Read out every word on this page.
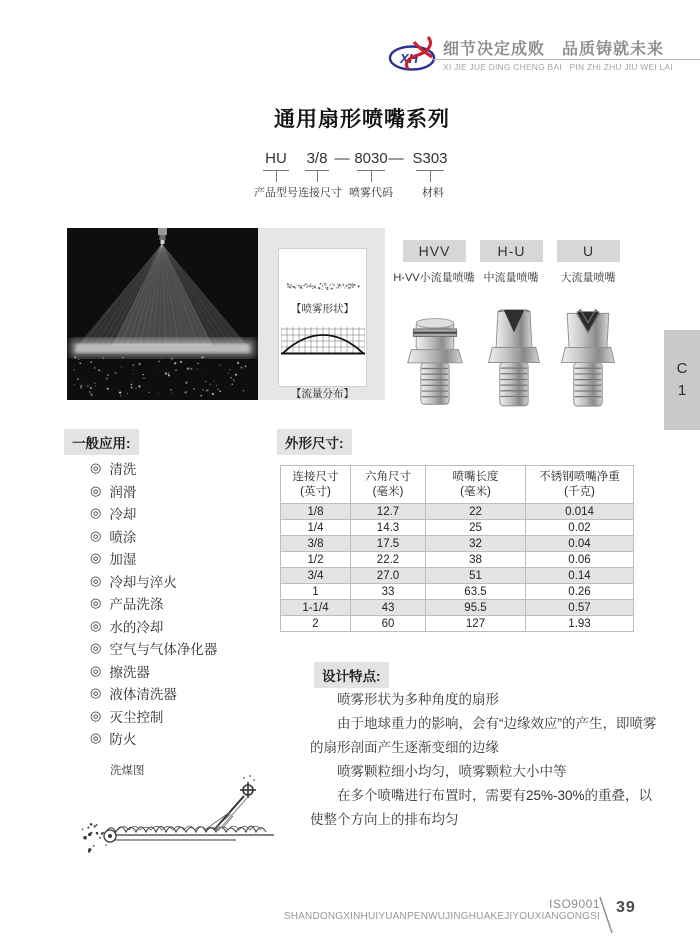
XH
细节决定成败　品质铸就未来
XI JIE JUE DING CHENG BAI   PIN ZHI ZHU JIU WEI LAI
通用扇形喷嘴系列
HU 3/8 — 8030 — S303
产品型号 连接尺寸 喷雾代码	材料
【喷雾形状】
【流量分布】
HVV	H-U	U
H-VV小流量喷嘴 中流量喷嘴 大流量喷嘴
C
1
一般应用:
◎ 清洗
◎ 润滑
◎ 冷却
◎ 喷涂
◎ 加湿
◎ 冷却与淬火
◎ 产品洗涤
◎ 水的冷却
◎ 空气与气体净化器
◎ 擦洗器
◎ 液体清洗器
◎ 灭尘控制
◎ 防火
外形尺寸:
连接尺寸
(英寸)

六角尺寸
(毫米)

喷嘴长度
(毫米)

不锈钢喷嘴净重
(千克)

1/8	12.7	22	0.014
1/4	14.3	25	0.02
3/8	17.5	32	0.04
1/2	22.2	38	0.06
3/4	27.0	51	0.14
1	33	63.5	0.26
1-1/4	43	95.5	0.57
2	60	127	1.93
设计特点:

喷雾形状为多种角度的扇形

由于地球重力的影响，会有“边缘效应”的产生，即喷雾的扇形剖面产生逐渐变细的边缘

喷雾颗粒细小均匀，喷雾颗粒大小中等

在多个喷嘴进行布置时，需要有25%-30%的重叠，以使整个方向上的排布均匀

洗煤图
ISO9001
SHANDONGXINHUIYUANPENWUJINGHUAKEJIYOUXIANGONGSI
39
